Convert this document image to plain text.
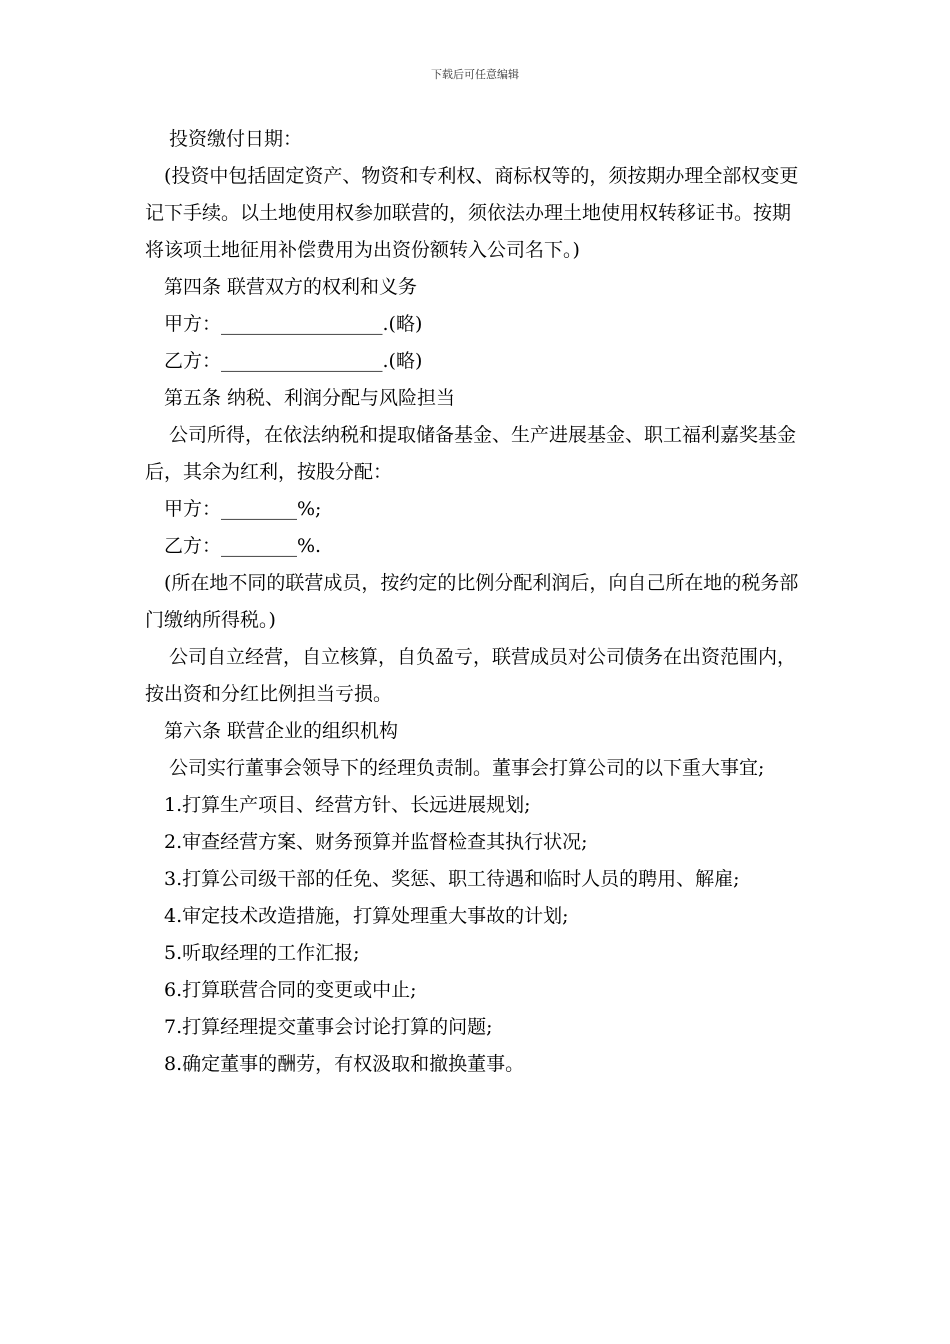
下载后可任意编辑

投资缴付日期：

(投资中包括固定资产、物资和专利权、商标权等的，须按期办理全部权变更记下手续。以土地使用权参加联营的，须依法办理土地使用权转移证书。按期将该项土地征用补偿费用为出资份额转入公司名下。)

第四条 联营双方的权利和义务

甲方：_________________.(略)

乙方：_________________.(略)

第五条 纳税、利润分配与风险担当

公司所得，在依法纳税和提取储备基金、生产进展基金、职工福利嘉奖基金后，其余为红利，按股分配：

甲方：________%;

乙方：________%.

(所在地不同的联营成员，按约定的比例分配利润后，向自己所在地的税务部门缴纳所得税。)

公司自立经营，自立核算，自负盈亏，联营成员对公司债务在出资范围内，按出资和分红比例担当亏损。

第六条 联营企业的组织机构

公司实行董事会领导下的经理负责制。董事会打算公司的以下重大事宜;

1.打算生产项目、经营方针、长远进展规划;

2.审查经营方案、财务预算并监督检查其执行状况;

3.打算公司级干部的任免、奖惩、职工待遇和临时人员的聘用、解雇;

4.审定技术改造措施，打算处理重大事故的计划;

5.听取经理的工作汇报;

6.打算联营合同的变更或中止;

7.打算经理提交董事会讨论打算的问题;

8.确定董事的酬劳，有权汲取和撤换董事。
